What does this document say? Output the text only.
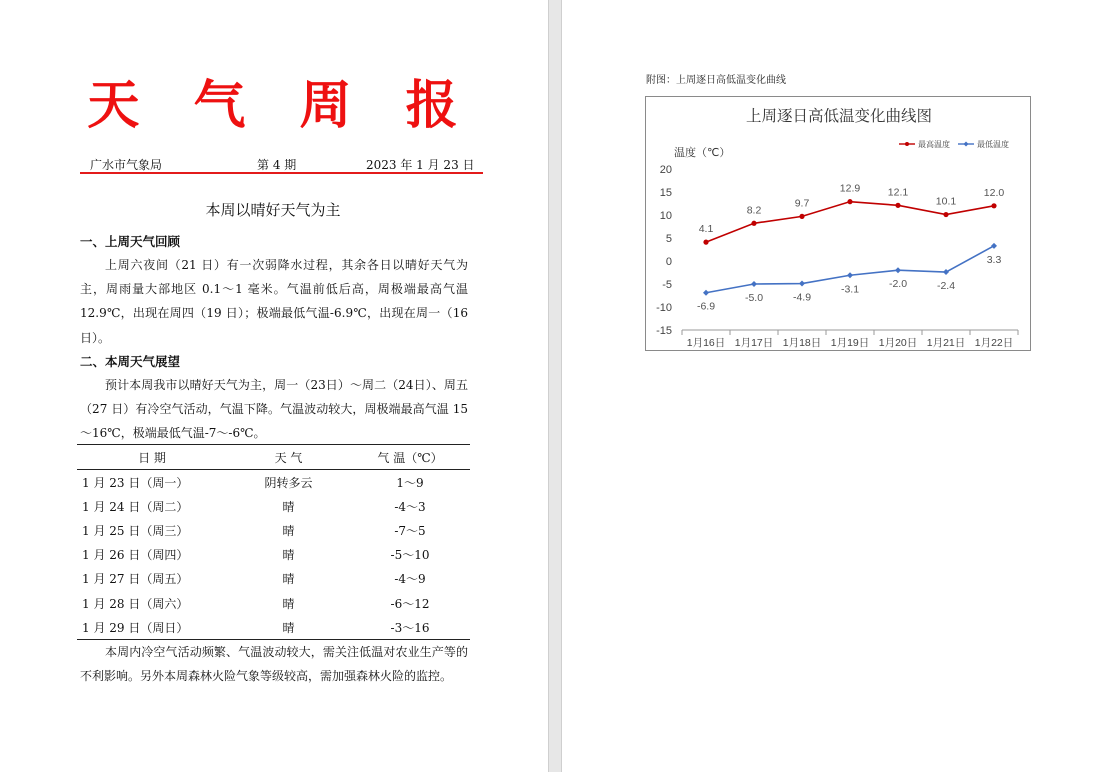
天 气 周 报
广水市气象局	第 4 期	2023 年 1 月 23 日
本周以晴好天气为主
一、上周天气回顾

上周六夜间（21 日）有一次弱降水过程，其余各日以晴好天气为主，周雨量大部地区 0.1～1 毫米。气温前低后高，周极端最高气温 12.9℃，出现在周四（19 日）；极端最低气温-6.9℃，出现在周一（16 日）。

二、本周天气展望

预计本周我市以晴好天气为主，周一（23日）～周二（24日）、周五（27 日）有冷空气活动，气温下降。气温波动较大，周极端最高气温 15～16℃，极端最低气温-7～-6℃。

日 期	天 气	气 温（℃）
1 月 23 日（周一）	阴转多云	1～9
1 月 24 日（周二）	晴	-4～3
1 月 25 日（周三）	晴	-7～5
1 月 26 日（周四）	晴	-5～10
1 月 27 日（周五）	晴	-4～9
1 月 28 日（周六）	晴	-6～12
1 月 29 日（周日）	晴	-3～16

本周内冷空气活动频繁、气温波动较大，需关注低温对农业生产等的不利影响。另外本周森林火险气象等级较高，需加强森林火险的监控。

附图：上周逐日高低温变化曲线
上周逐日高低温变化曲线图
温度（℃）
最高温度	最低温度
-15
-10
-5
0
5
10
15
20
1月16日 1月17日 1月18日 1月19日 1月20日 1月21日 1月22日
4.1
8.2
9.7
12.9	12.1
10.1
12.0
-6.9
-5.0	-4.9
-3.1	-2.0	-2.4
3.3
